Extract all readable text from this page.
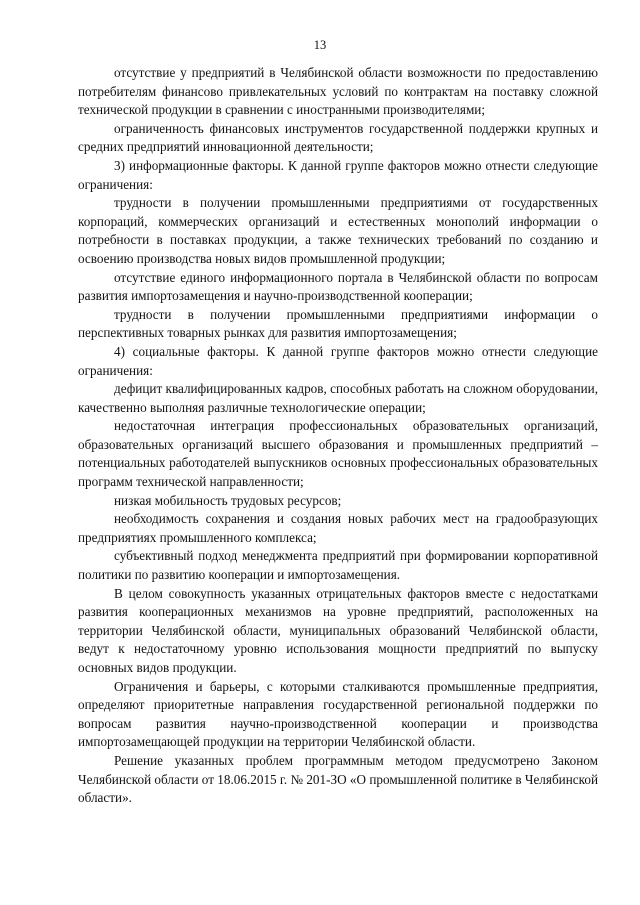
13

отсутствие у предприятий в Челябинской области возможности по предоставлению потребителям финансово привлекательных условий по контрактам на поставку сложной технической продукции в сравнении с иностранными производителями;

ограниченность финансовых инструментов государственной поддержки крупных и средних предприятий инновационной деятельности;

3) информационные факторы. К данной группе факторов можно отнести следующие ограничения:

трудности в получении промышленными предприятиями от государственных корпораций, коммерческих организаций и естественных монополий информации о потребности в поставках продукции, а также технических требований по созданию и освоению производства новых видов промышленной продукции;

отсутствие единого информационного портала в Челябинской области по вопросам развития импортозамещения и научно-производственной кооперации;

трудности в получении промышленными предприятиями информации о перспективных товарных рынках для развития импортозамещения;

4) социальные факторы. К данной группе факторов можно отнести следующие ограничения:

дефицит квалифицированных кадров, способных работать на сложном оборудовании, качественно выполняя различные технологические операции;

недостаточная интеграция профессиональных образовательных организаций, образовательных организаций высшего образования и промышленных предприятий – потенциальных работодателей выпускников основных профессиональных образовательных программ технической направленности;

низкая мобильность трудовых ресурсов;

необходимость сохранения и создания новых рабочих мест на градообразующих предприятиях промышленного комплекса;

субъективный подход менеджмента предприятий при формировании корпоративной политики по развитию кооперации и импортозамещения.

В целом совокупность указанных отрицательных факторов вместе с недостатками развития кооперационных механизмов на уровне предприятий, расположенных на территории Челябинской области, муниципальных образований Челябинской области, ведут к недостаточному уровню использования мощности предприятий по выпуску основных видов продукции.

Ограничения и барьеры, с которыми сталкиваются промышленные предприятия, определяют приоритетные направления государственной региональной поддержки по вопросам развития научно-производственной кооперации и производства импортозамещающей продукции на территории Челябинской области.

Решение указанных проблем программным методом предусмотрено Законом Челябинской области от 18.06.2015 г. № 201-ЗО «О промышленной политике в Челябинской области».
